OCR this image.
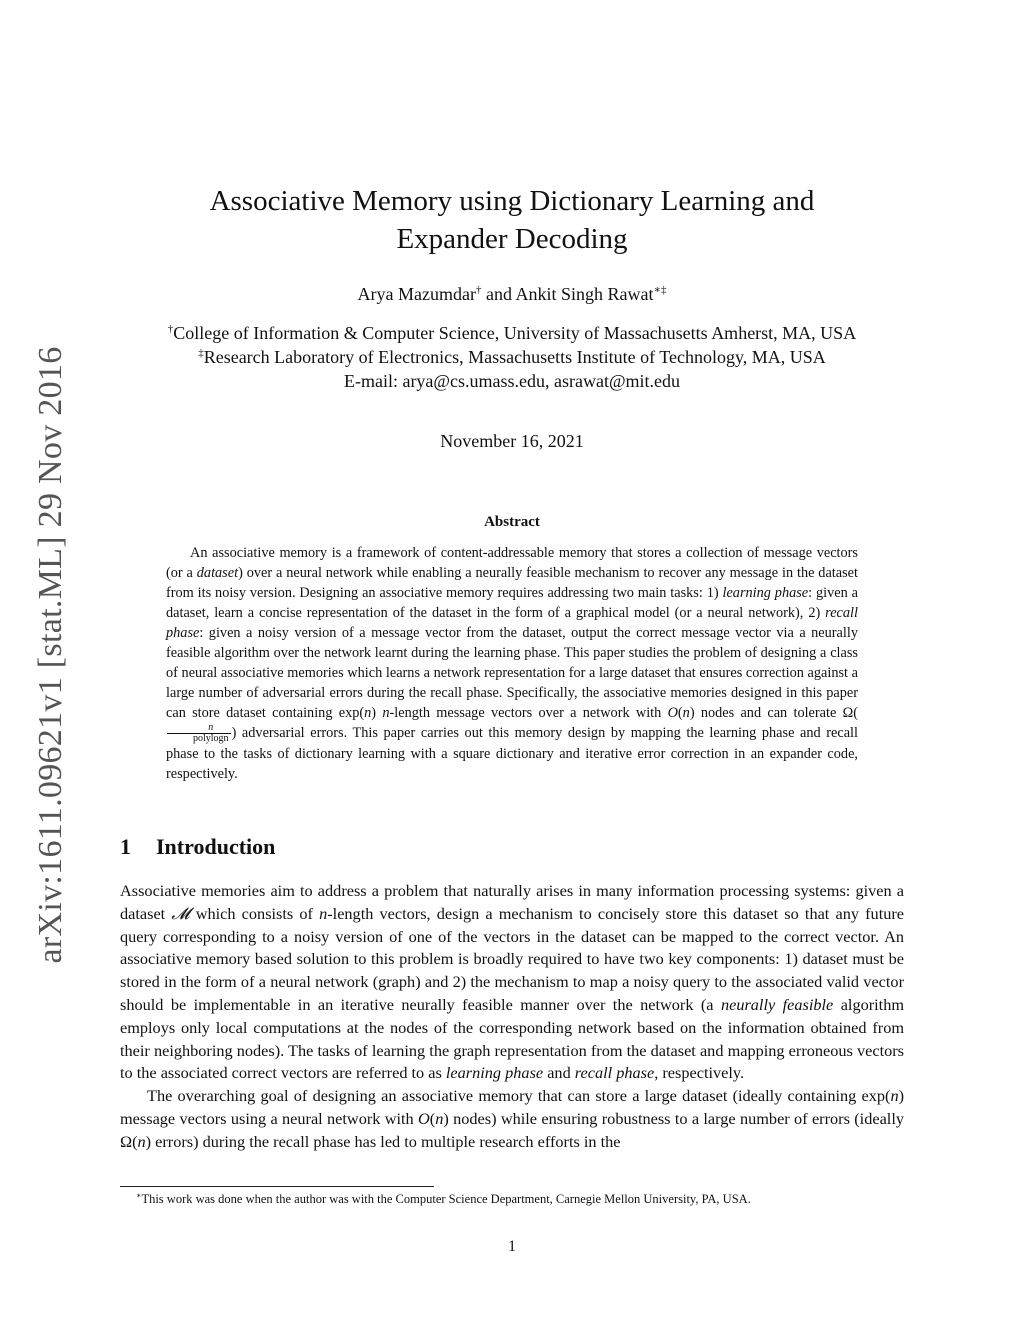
arXiv:1611.09621v1 [stat.ML] 29 Nov 2016
Associative Memory using Dictionary Learning and
Expander Decoding
Arya Mazumdar† and Ankit Singh Rawat∗‡
†College of Information & Computer Science, University of Massachusetts Amherst, MA, USA
‡Research Laboratory of Electronics, Massachusetts Institute of Technology, MA, USA
E-mail: arya@cs.umass.edu, asrawat@mit.edu
November 16, 2021
Abstract

An associative memory is a framework of content-addressable memory that stores a collection of message vectors (or a dataset) over a neural network while enabling a neurally feasible mechanism to recover any message in the dataset from its noisy version. Designing an associative memory requires addressing two main tasks: 1) learning phase: given a dataset, learn a concise representation of the dataset in the form of a graphical model (or a neural network), 2) recall phase: given a noisy version of a message vector from the dataset, output the correct message vector via a neurally feasible algorithm over the network learnt during the learning phase. This paper studies the problem of designing a class of neural associative memories which learns a network representation for a large dataset that ensures correction against a large number of adversarial errors during the recall phase. Specifically, the associative memories designed in this paper can store dataset containing exp(n) n-length message vectors over a network with O(n) nodes and can tolerate Ω(
$\frac{n}{\text{polylogn}}$ ) adversarial errors. This paper carries out this memory design by mapping the learning phase and recall phase to the tasks of dictionary learning with a square dictionary and iterative error correction in an expander code, respectively.

1 Introduction

Associative memories aim to address a problem that naturally arises in many information processing systems: given a dataset 𝓜 which consists of n-length vectors, design a mechanism to concisely store this dataset so that any future query corresponding to a noisy version of one of the vectors in the dataset can be mapped to the correct vector. An associative memory based solution to this problem is broadly required to have two key components: 1) dataset must be stored in the form of a neural network (graph) and 2) the mechanism to map a noisy query to the associated valid vector should be implementable in an iterative neurally feasible manner over the network (a neurally feasible algorithm employs only local computations at the nodes of the corresponding network based on the information obtained from their neighboring nodes). The tasks of learning the graph representation from the dataset and mapping erroneous vectors to the associated correct vectors are referred to as learning phase and recall phase, respectively.

The overarching goal of designing an associative memory that can store a large dataset (ideally containing exp(n) message vectors using a neural network with O(n) nodes) while ensuring robustness to a large number of errors (ideally Ω(n) errors) during the recall phase has led to multiple research efforts in the

∗This work was done when the author was with the Computer Science Department, Carnegie Mellon University, PA, USA.

1
